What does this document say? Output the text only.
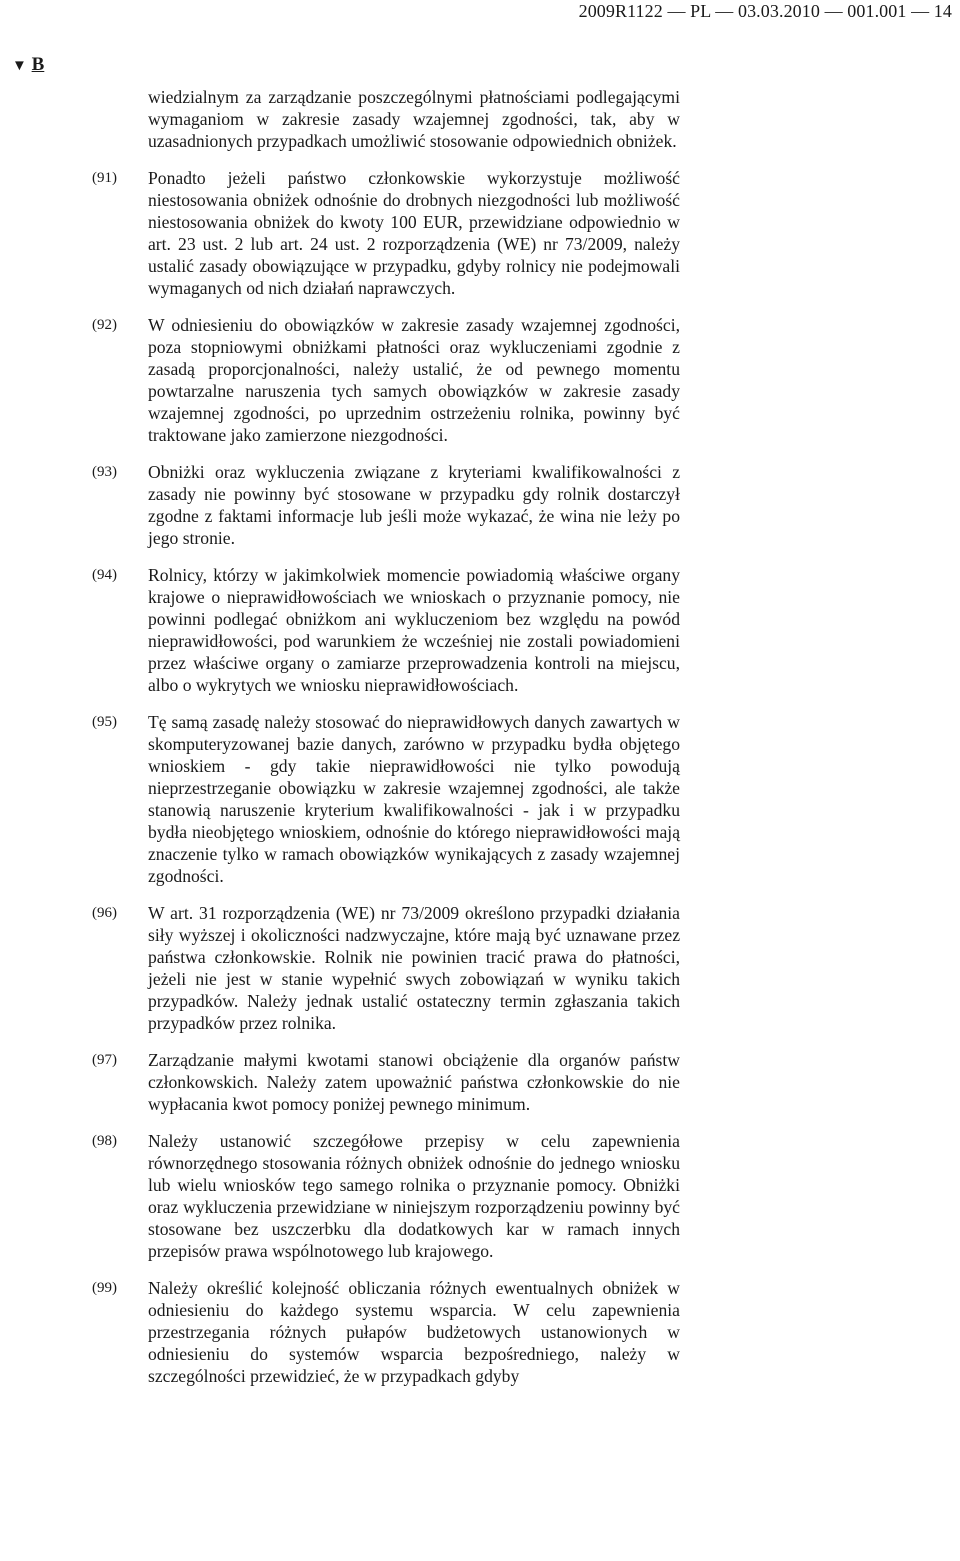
2009R1122 — PL — 03.03.2010 — 001.001 — 14
▼ B

wiedzialnym za zarządzanie poszczególnymi płatnościami podlegającymi wymaganiom w zakresie zasady wzajemnej zgodności, tak, aby w uzasadnionych przypadkach umożliwić stosowanie odpowiednich obniżek.

(91)	Ponadto jeżeli państwo członkowskie wykorzystuje możliwość niestosowania obniżek odnośnie do drobnych niezgodności lub możliwość niestosowania obniżek do kwoty 100 EUR, przewidziane odpowiednio w art. 23 ust. 2 lub art. 24 ust. 2 rozporządzenia (WE) nr 73/2009, należy ustalić zasady obowiązujące w przypadku, gdyby rolnicy nie podejmowali wymaganych od nich działań naprawczych.

(92)	W odniesieniu do obowiązków w zakresie zasady wzajemnej zgodności, poza stopniowymi obniżkami płatności oraz wykluczeniami zgodnie z zasadą proporcjonalności, należy ustalić, że od pewnego momentu powtarzalne naruszenia tych samych obowiązków w zakresie zasady wzajemnej zgodności, po uprzednim ostrzeżeniu rolnika, powinny być traktowane jako zamierzone niezgodności.

(93)	Obniżki oraz wykluczenia związane z kryteriami kwalifikowalności z zasady nie powinny być stosowane w przypadku gdy rolnik dostarczył zgodne z faktami informacje lub jeśli może wykazać, że wina nie leży po jego stronie.

(94)	Rolnicy, którzy w jakimkolwiek momencie powiadomią właściwe organy krajowe o nieprawidłowościach we wnioskach o przyznanie pomocy, nie powinni podlegać obniżkom ani wykluczeniom bez względu na powód nieprawidłowości, pod warunkiem że wcześniej nie zostali powiadomieni przez właściwe organy o zamiarze przeprowadzenia kontroli na miejscu, albo o wykrytych we wniosku nieprawidłowościach.

(95)	Tę samą zasadę należy stosować do nieprawidłowych danych zawartych w skomputeryzowanej bazie danych, zarówno w przypadku bydła objętego wnioskiem - gdy takie nieprawidłowości nie tylko powodują nieprzestrzeganie obowiązku w zakresie wzajemnej zgodności, ale także stanowią naruszenie kryterium kwalifikowalności - jak i w przypadku bydła nieobjętego wnioskiem, odnośnie do którego nieprawidłowości mają znaczenie tylko w ramach obowiązków wynikających z zasady wzajemnej zgodności.

(96)	W art. 31 rozporządzenia (WE) nr 73/2009 określono przypadki działania siły wyższej i okoliczności nadzwyczajne, które mają być uznawane przez państwa członkowskie. Rolnik nie powinien tracić prawa do płatności, jeżeli nie jest w stanie wypełnić swych zobowiązań w wyniku takich przypadków. Należy jednak ustalić ostateczny termin zgłaszania takich przypadków przez rolnika.

(97)	Zarządzanie małymi kwotami stanowi obciążenie dla organów państw członkowskich. Należy zatem upoważnić państwa członkowskie do nie wypłacania kwot pomocy poniżej pewnego minimum.

(98)	Należy ustanowić szczegółowe przepisy w celu zapewnienia równorzędnego stosowania różnych obniżek odnośnie do jednego wniosku lub wielu wniosków tego samego rolnika o przyznanie pomocy. Obniżki oraz wykluczenia przewidziane w niniejszym rozporządzeniu powinny być stosowane bez uszczerbku dla dodatkowych kar w ramach innych przepisów prawa wspólnotowego lub krajowego.

(99)	Należy określić kolejność obliczania różnych ewentualnych obniżek w odniesieniu do każdego systemu wsparcia. W celu zapewnienia przestrzegania różnych pułapów budżetowych ustanowionych w odniesieniu do systemów wsparcia bezpośredniego, należy w szczególności przewidzieć, że w przypadkach gdyby
